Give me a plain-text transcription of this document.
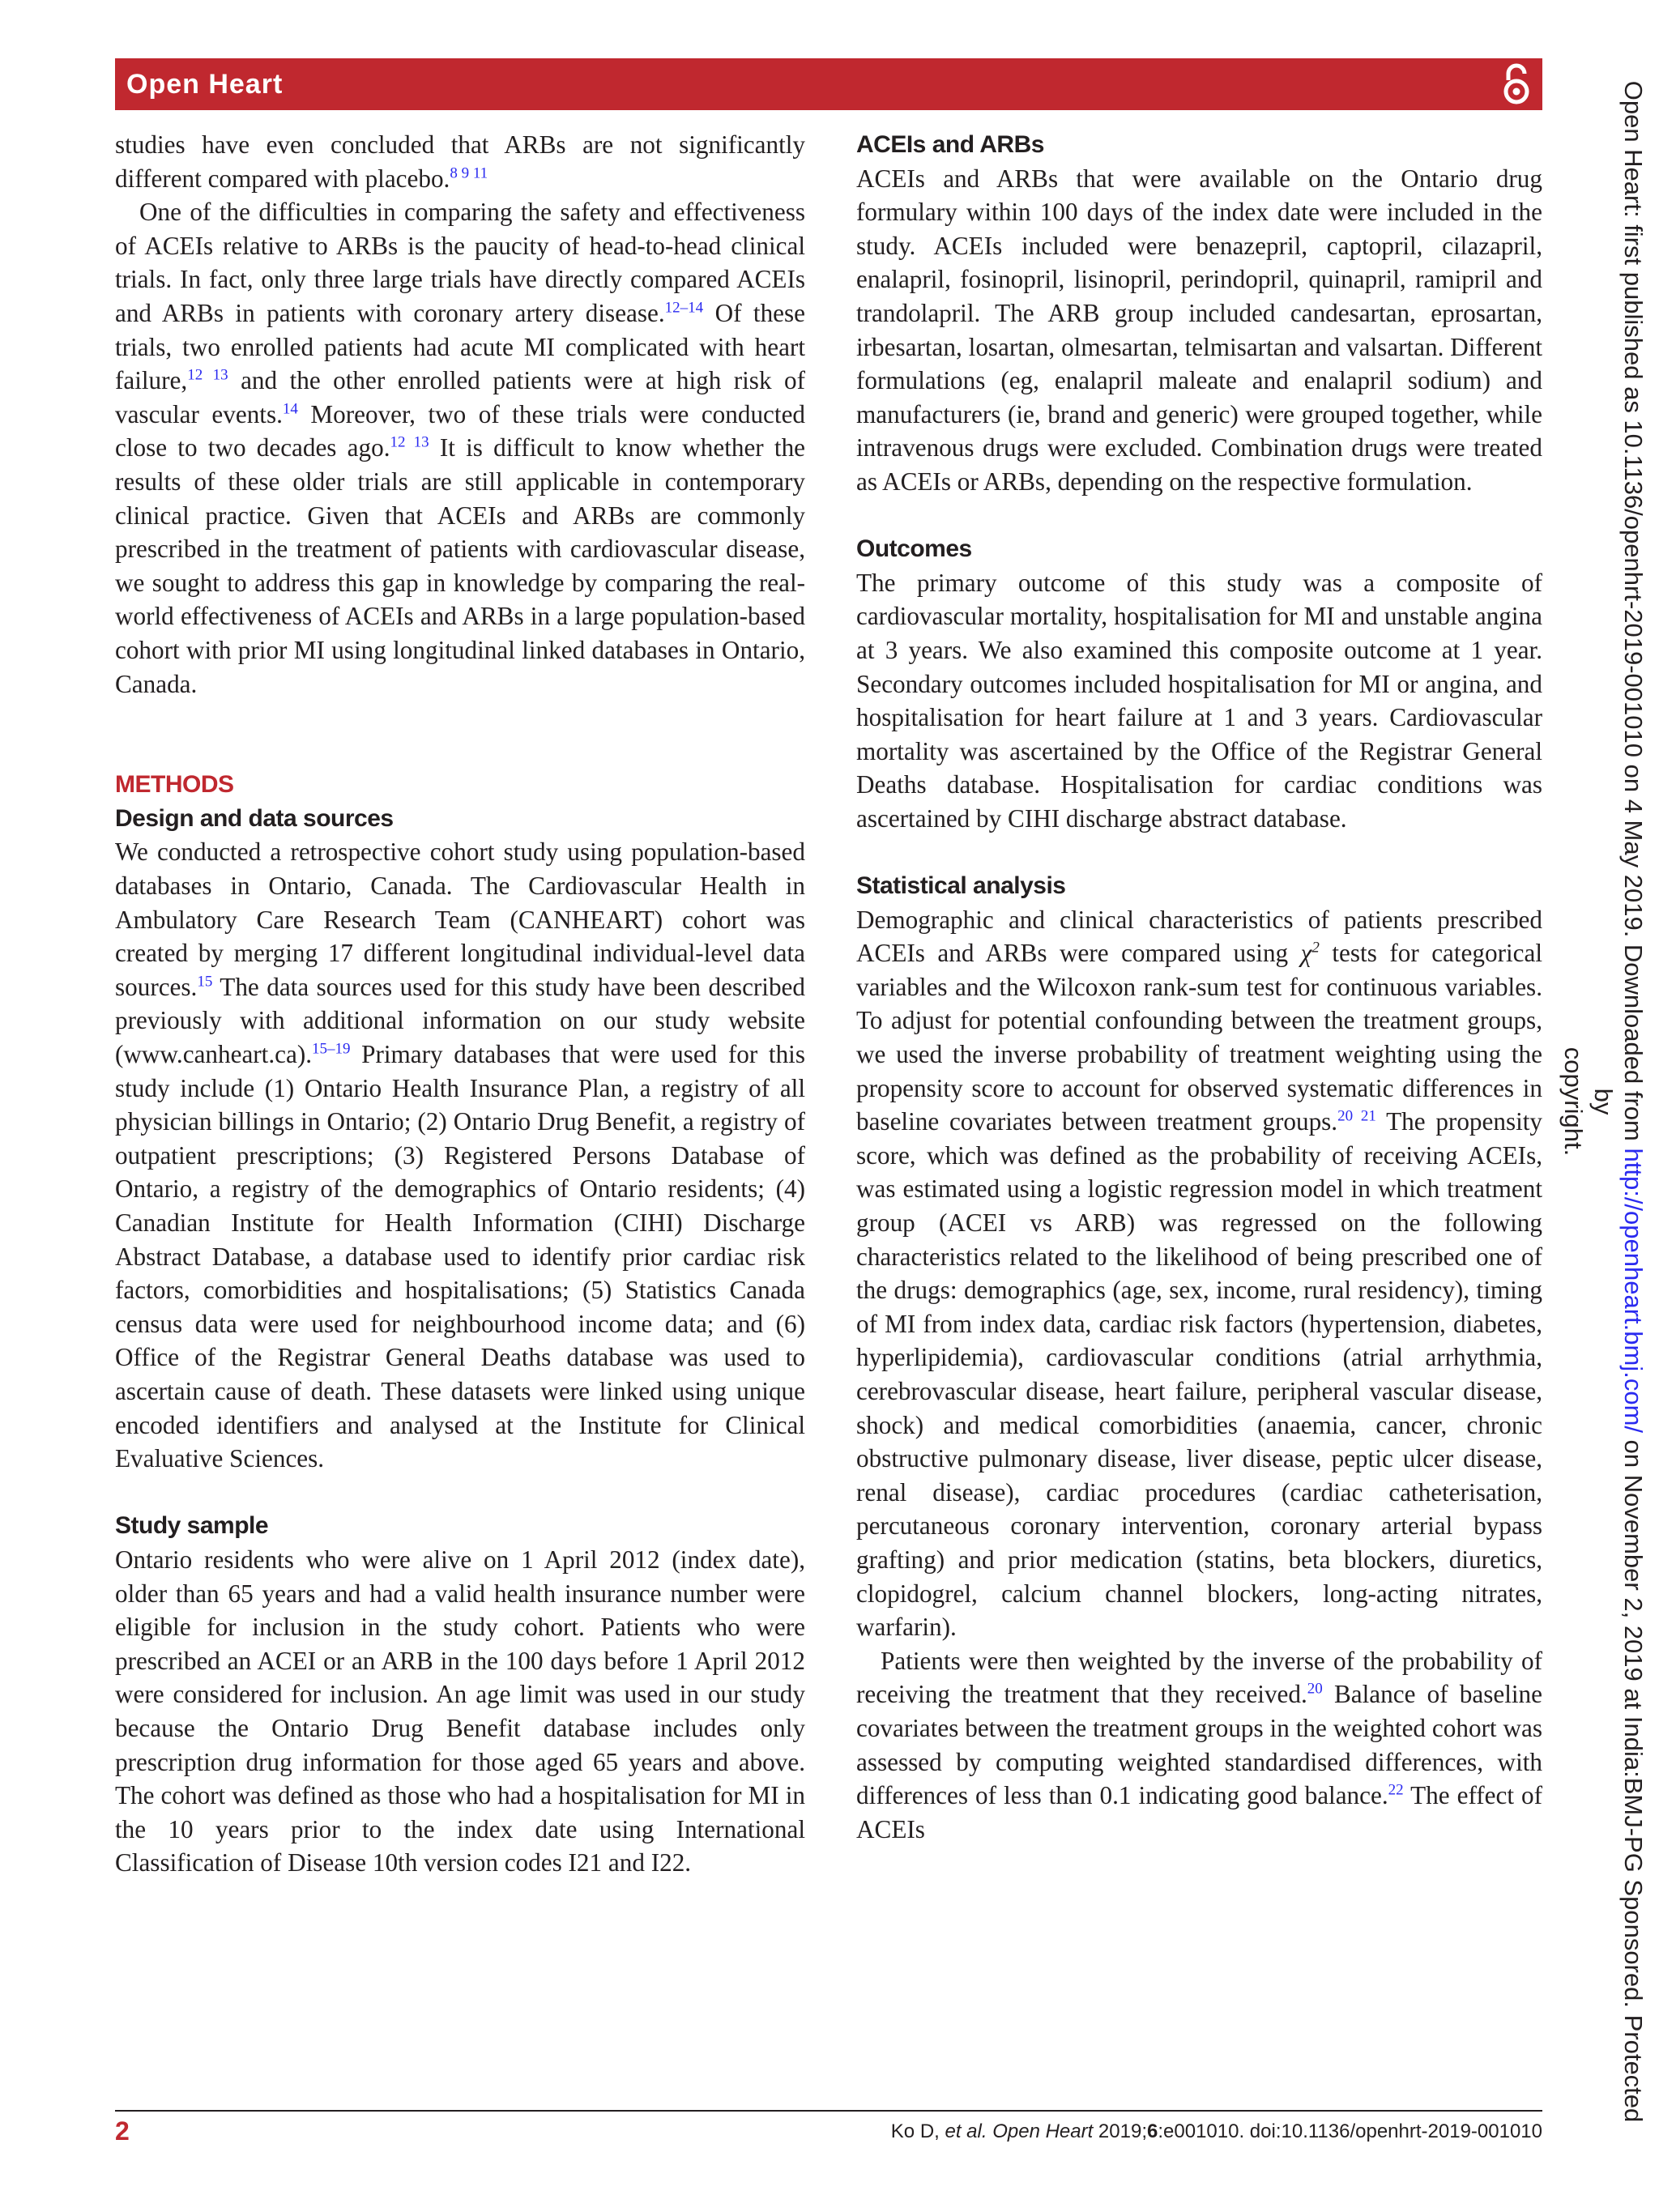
Open Heart

studies have even concluded that ARBs are not significantly different compared with placebo.$^{8 9 11}$

One of the difficulties in comparing the safety and effectiveness of ACEIs relative to ARBs is the paucity of head-to-head clinical trials. In fact, only three large trials have directly compared ACEIs and ARBs in patients with coronary artery disease.$^{12-14}$ Of these trials, two enrolled patients had acute MI complicated with heart failure,$^{12 13}$ and the other enrolled patients were at high risk of vascular events.$^{14}$ Moreover, two of these trials were conducted close to two decades ago.$^{12 13}$ It is difficult to know whether the results of these older trials are still applicable in contemporary clinical practice. Given that ACEIs and ARBs are commonly prescribed in the treatment of patients with cardiovascular disease, we sought to address this gap in knowledge by comparing the real-world effectiveness of ACEIs and ARBs in a large population-based cohort with prior MI using longitudinal linked databases in Ontario, Canada.

METHODS
Design and data sources

We conducted a retrospective cohort study using population-based databases in Ontario, Canada. The Cardiovascular Health in Ambulatory Care Research Team (CANHEART) cohort was created by merging 17 different longitudinal individual-level data sources.$^{15}$ The data sources used for this study have been described previously with additional information on our study website (www.canheart.ca).$^{15-19}$ Primary databases that were used for this study include (1) Ontario Health Insurance Plan, a registry of all physician billings in Ontario; (2) Ontario Drug Benefit, a registry of outpatient prescriptions; (3) Registered Persons Database of Ontario, a registry of the demographics of Ontario residents; (4) Canadian Institute for Health Information (CIHI) Discharge Abstract Database, a database used to identify prior cardiac risk factors, comorbidities and hospitalisations; (5) Statistics Canada census data were used for neighbourhood income data; and (6) Office of the Registrar General Deaths database was used to ascertain cause of death. These datasets were linked using unique encoded identifiers and analysed at the Institute for Clinical Evaluative Sciences.

Study sample

Ontario residents who were alive on 1 April 2012 (index date), older than 65 years and had a valid health insurance number were eligible for inclusion in the study cohort. Patients who were prescribed an ACEI or an ARB in the 100 days before 1 April 2012 were considered for inclusion. An age limit was used in our study because the Ontario Drug Benefit database includes only prescription drug information for those aged 65 years and above. The cohort was defined as those who had a hospitalisation for MI in the 10 years prior to the index date using International Classification of Disease 10th version codes I21 and I22.

ACEIs and ARBs

ACEIs and ARBs that were available on the Ontario drug formulary within 100 days of the index date were included in the study. ACEIs included were benazepril, captopril, cilazapril, enalapril, fosinopril, lisinopril, perindopril, quinapril, ramipril and trandolapril. The ARB group included candesartan, eprosartan, irbesartan, losartan, olmesartan, telmisartan and valsartan. Different formulations (eg, enalapril maleate and enalapril sodium) and manufacturers (ie, brand and generic) were grouped together, while intravenous drugs were excluded. Combination drugs were treated as ACEIs or ARBs, depending on the respective formulation.

Outcomes

The primary outcome of this study was a composite of cardiovascular mortality, hospitalisation for MI and unstable angina at 3 years. We also examined this composite outcome at 1 year. Secondary outcomes included hospitalisation for MI or angina, and hospitalisation for heart failure at 1 and 3 years. Cardiovascular mortality was ascertained by the Office of the Registrar General Deaths database. Hospitalisation for cardiac conditions was ascertained by CIHI discharge abstract database.

Statistical analysis

Demographic and clinical characteristics of patients prescribed ACEIs and ARBs were compared using $\chi^2$ tests for categorical variables and the Wilcoxon rank-sum test for continuous variables. To adjust for potential confounding between the treatment groups, we used the inverse probability of treatment weighting using the propensity score to account for observed systematic differences in baseline covariates between treatment groups.$^{20 21}$ The propensity score, which was defined as the probability of receiving ACEIs, was estimated using a logistic regression model in which treatment group (ACEI vs ARB) was regressed on the following characteristics related to the likelihood of being prescribed one of the drugs: demographics (age, sex, income, rural residency), timing of MI from index data, cardiac risk factors (hypertension, diabetes, hyperlipidemia), cardiovascular conditions (atrial arrhythmia, cerebrovascular disease, heart failure, peripheral vascular disease, shock) and medical comorbidities (anaemia, cancer, chronic obstructive pulmonary disease, liver disease, peptic ulcer disease, renal disease), cardiac procedures (cardiac catheterisation, percutaneous coronary intervention, coronary arterial bypass grafting) and prior medication (statins, beta blockers, diuretics, clopidogrel, calcium channel blockers, long-acting nitrates, warfarin).

Patients were then weighted by the inverse of the probability of receiving the treatment that they received.$^{20}$ Balance of baseline covariates between the treatment groups in the weighted cohort was assessed by computing weighted standardised differences, with differences of less than 0.1 indicating good balance.$^{22}$ The effect of ACEIs

2	Ko D, et al. Open Heart 2019;6:e001010. doi:10.1136/openhrt-2019-001010
Open Heart: first published as 10.1136/openhrt-2019-001010 on 4 May 2019. Downloaded from http://openheart.bmj.com/ on November 2, 2019 at India:BMJ-PG Sponsored. Protected by
copyright.
